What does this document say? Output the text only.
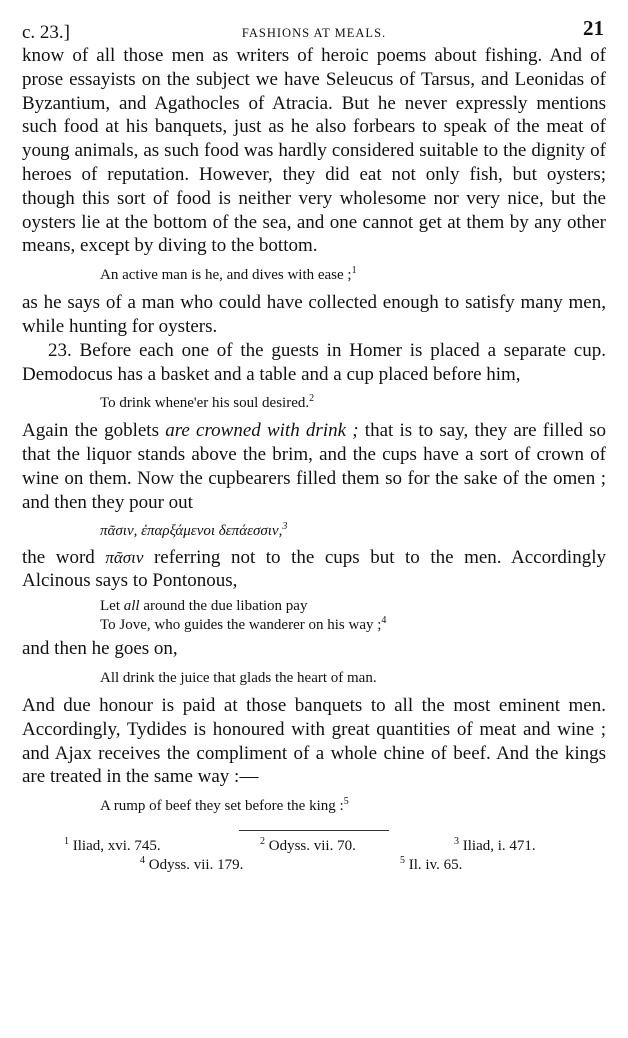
c. 23.]	FASHIONS AT MEALS.	21

know of all those men as writers of heroic poems about fishing. And of prose essayists on the subject we have Seleucus of Tarsus, and Leonidas of Byzantium, and Agathocles of Atracia. But he never expressly mentions such food at his banquets, just as he also forbears to speak of the meat of young animals, as such food was hardly considered suitable to the dignity of heroes of reputation. However, they did eat not only fish, but oysters; though this sort of food is neither very wholesome nor very nice, but the oysters lie at the bottom of the sea, and one cannot get at them by any other means, except by diving to the bottom.

An active man is he, and dives with ease ;$^1$

as he says of a man who could have collected enough to satisfy many men, while hunting for oysters.

23. Before each one of the guests in Homer is placed a separate cup. Demodocus has a basket and a table and a cup placed before him,

To drink whene'er his soul desired.$^2$

Again the goblets are crowned with drink ; that is to say, they are filled so that the liquor stands above the brim, and the cups have a sort of crown of wine on them. Now the cupbearers filled them so for the sake of the omen ; and then they pour out

πᾶσιν, ἐπαρξάμενοι δεπάεσσιν,$^3$

the word πᾶσιν referring not to the cups but to the men. Accordingly Alcinous says to Pontonous,

Let all around the due libation pay
To Jove, who guides the wanderer on his way ;$^4$

and then he goes on,

All drink the juice that glads the heart of man.

And due honour is paid at those banquets to all the most eminent men. Accordingly, Tydides is honoured with great quantities of meat and wine ; and Ajax receives the compliment of a whole chine of beef. And the kings are treated in the same way :—

A rump of beef they set before the king :$^5$
$^1$ Iliad, xvi. 745.	$^2$ Odyss. vii. 70.	$^3$ Iliad, i. 471.
$^4$ Odyss. vii. 179.	$^5$ Il. iv. 65.
